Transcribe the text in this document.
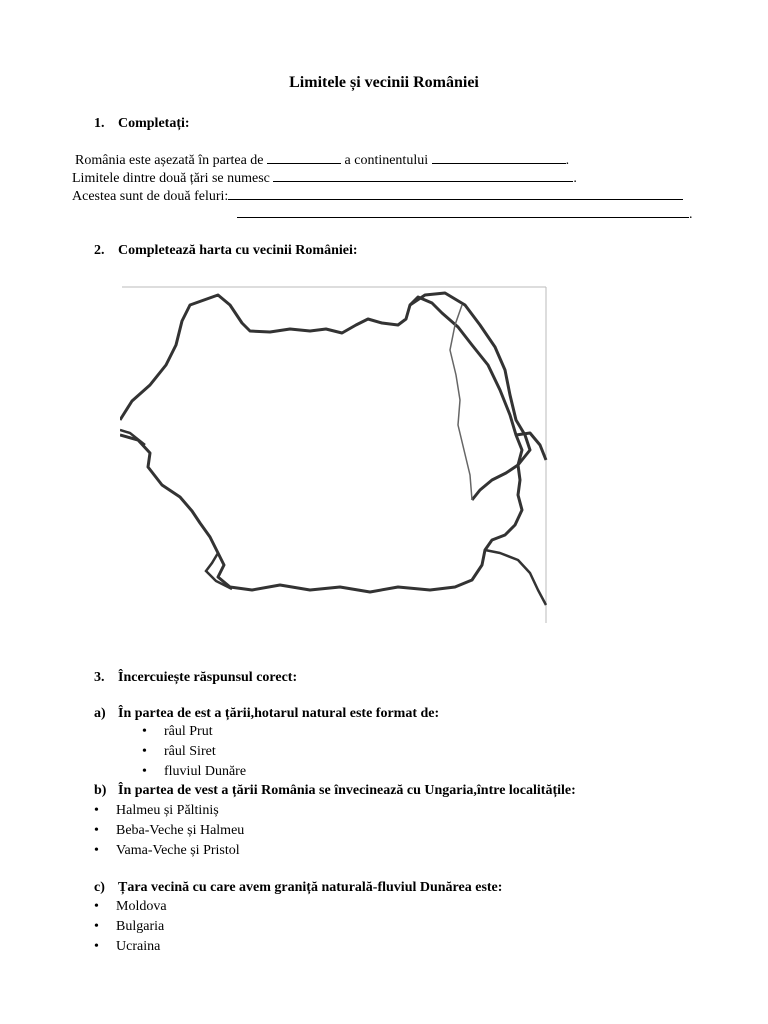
Limitele și vecinii României
1. Completați:
România este așezată în partea de	a continentului	.
Limitele dintre două țări se numesc	.
Acestea sunt de două feluri:
.
2. Completează harta cu vecinii României:
3. Încercuiește răspunsul corect:
a) În partea de est a țării,hotarul natural este format de:
• râul Prut
• râul Siret
• fluviul Dunăre
b) În partea de vest a țării România se învecinează cu Ungaria,între localitățile:
• Halmeu și Păltiniș
• Beba-Veche și Halmeu
• Vama-Veche și Pristol
c) Țara vecină cu care avem graniță naturală-fluviul Dunărea este:
• Moldova
• Bulgaria
• Ucraina
